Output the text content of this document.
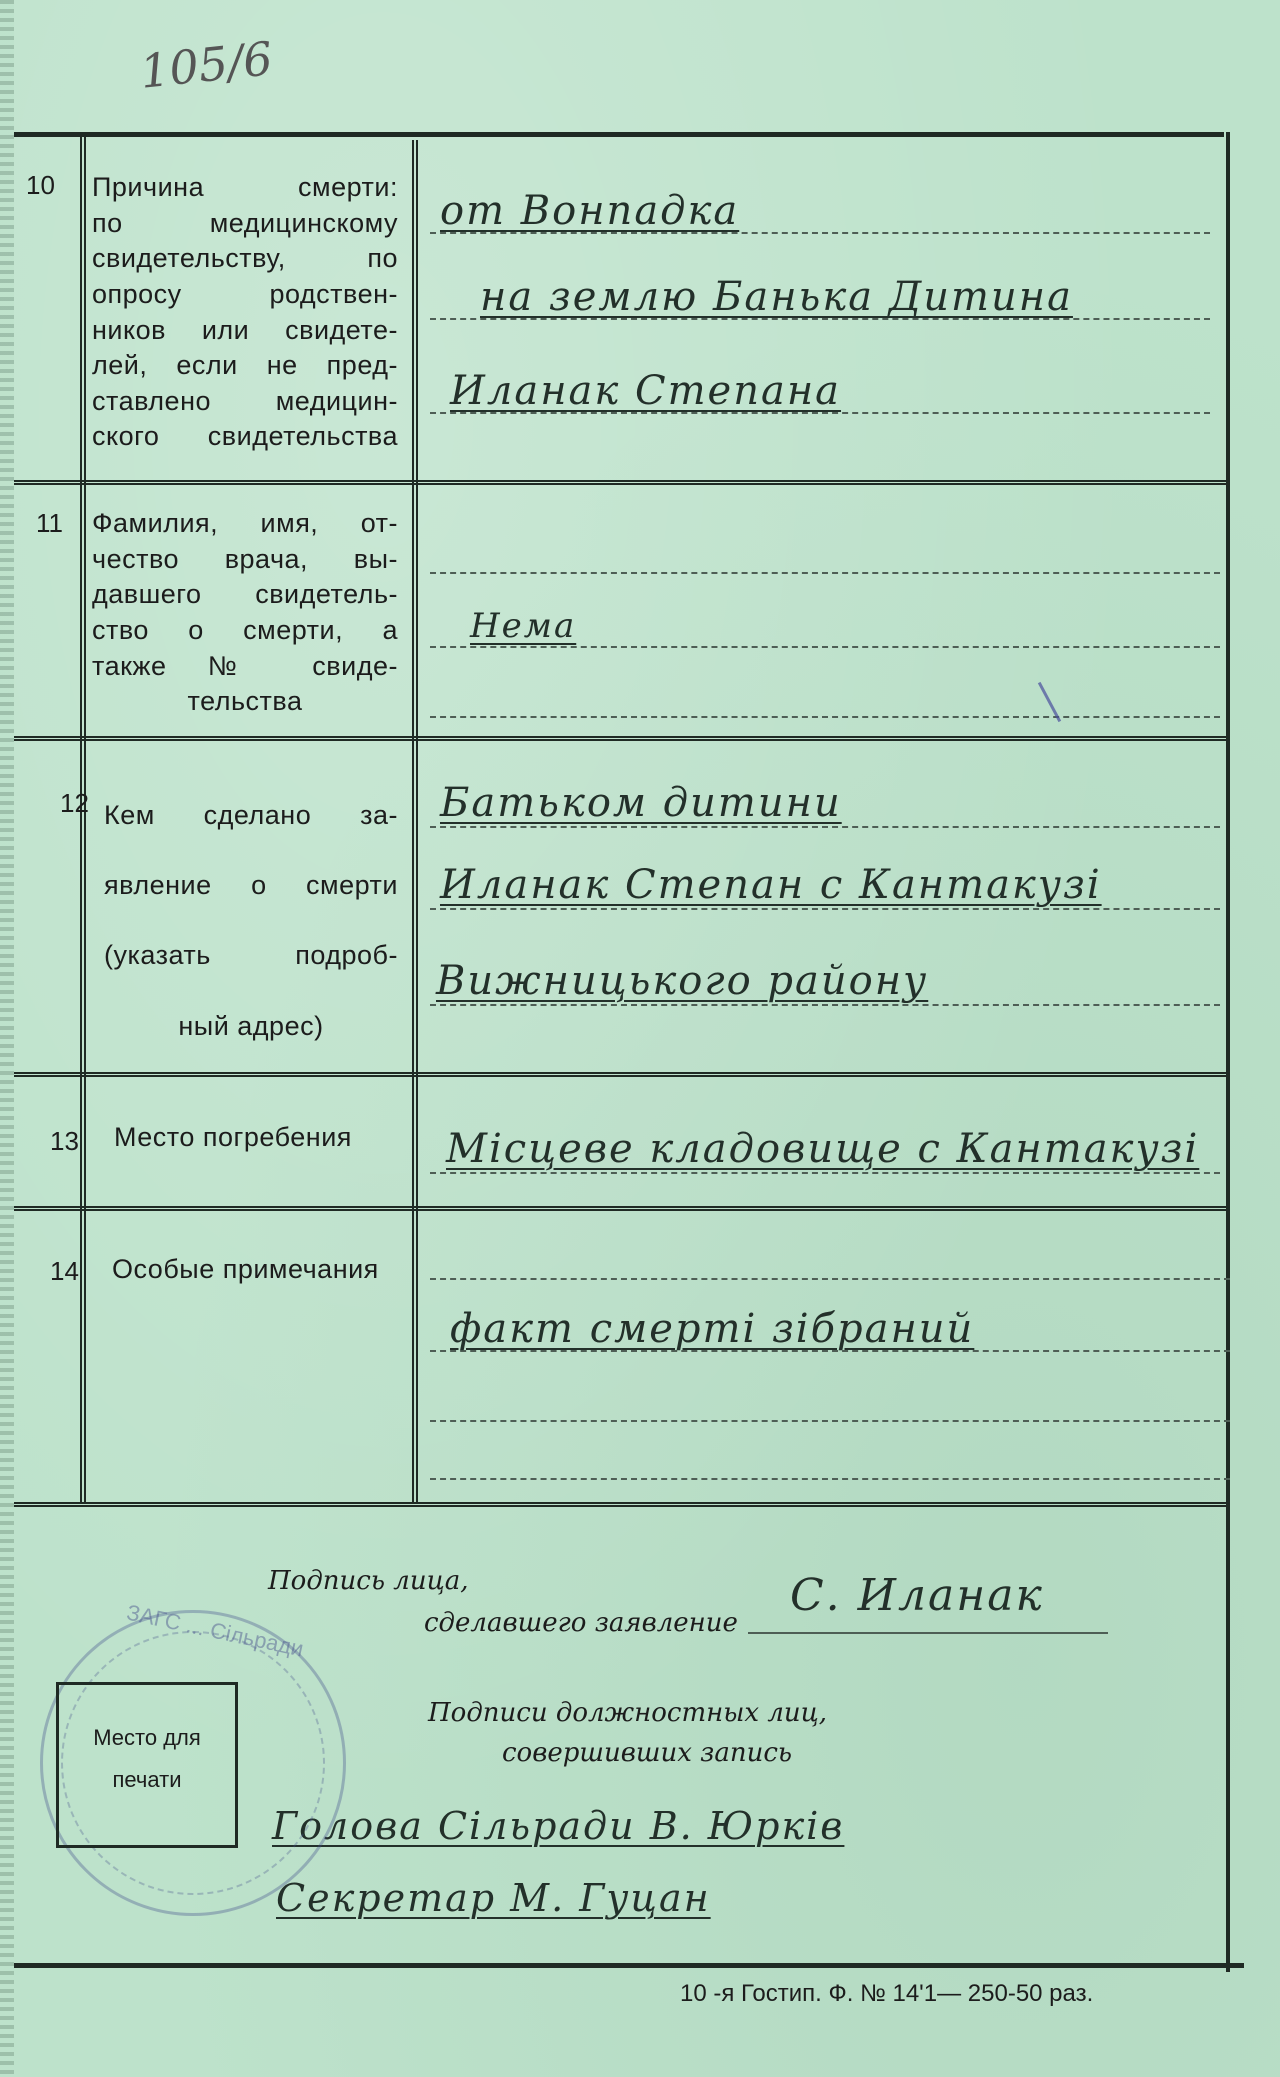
105/6
10 Причина смерти:
по медицинскому
свидетельству, по
опросу родствен-
ников или свидете-
лей, если не пред-
ставлено медицин-
ского свидетельства
от Вонпадка
на землю Банька Дитина
Иланак Степана
11 Фамилия, имя, от-
чество врача, вы-
давшего свидетель-
ство о смерти, а
также № свиде-
тельства
Нема
12 Кем сделано за-
явление о смерти
(указать подроб-
ный адрес)
Батьком дитини
Иланак Степан с Кантакузі
Вижницького району
13 Место погребения	Місцеве кладовище с Кантакузі
14 Особые примечания
факт смерті зібраний
Подпись лица,
сделавшего заявление
С. Иланак
Подписи должностных лиц,
совершивших запись
Голова Сільради В. Юрків
Секретар М. Гуцан
ЗАГС ... Сільради
Место для
печати
10 -я Гостип. Ф. № 14'1— 250-50 раз.
